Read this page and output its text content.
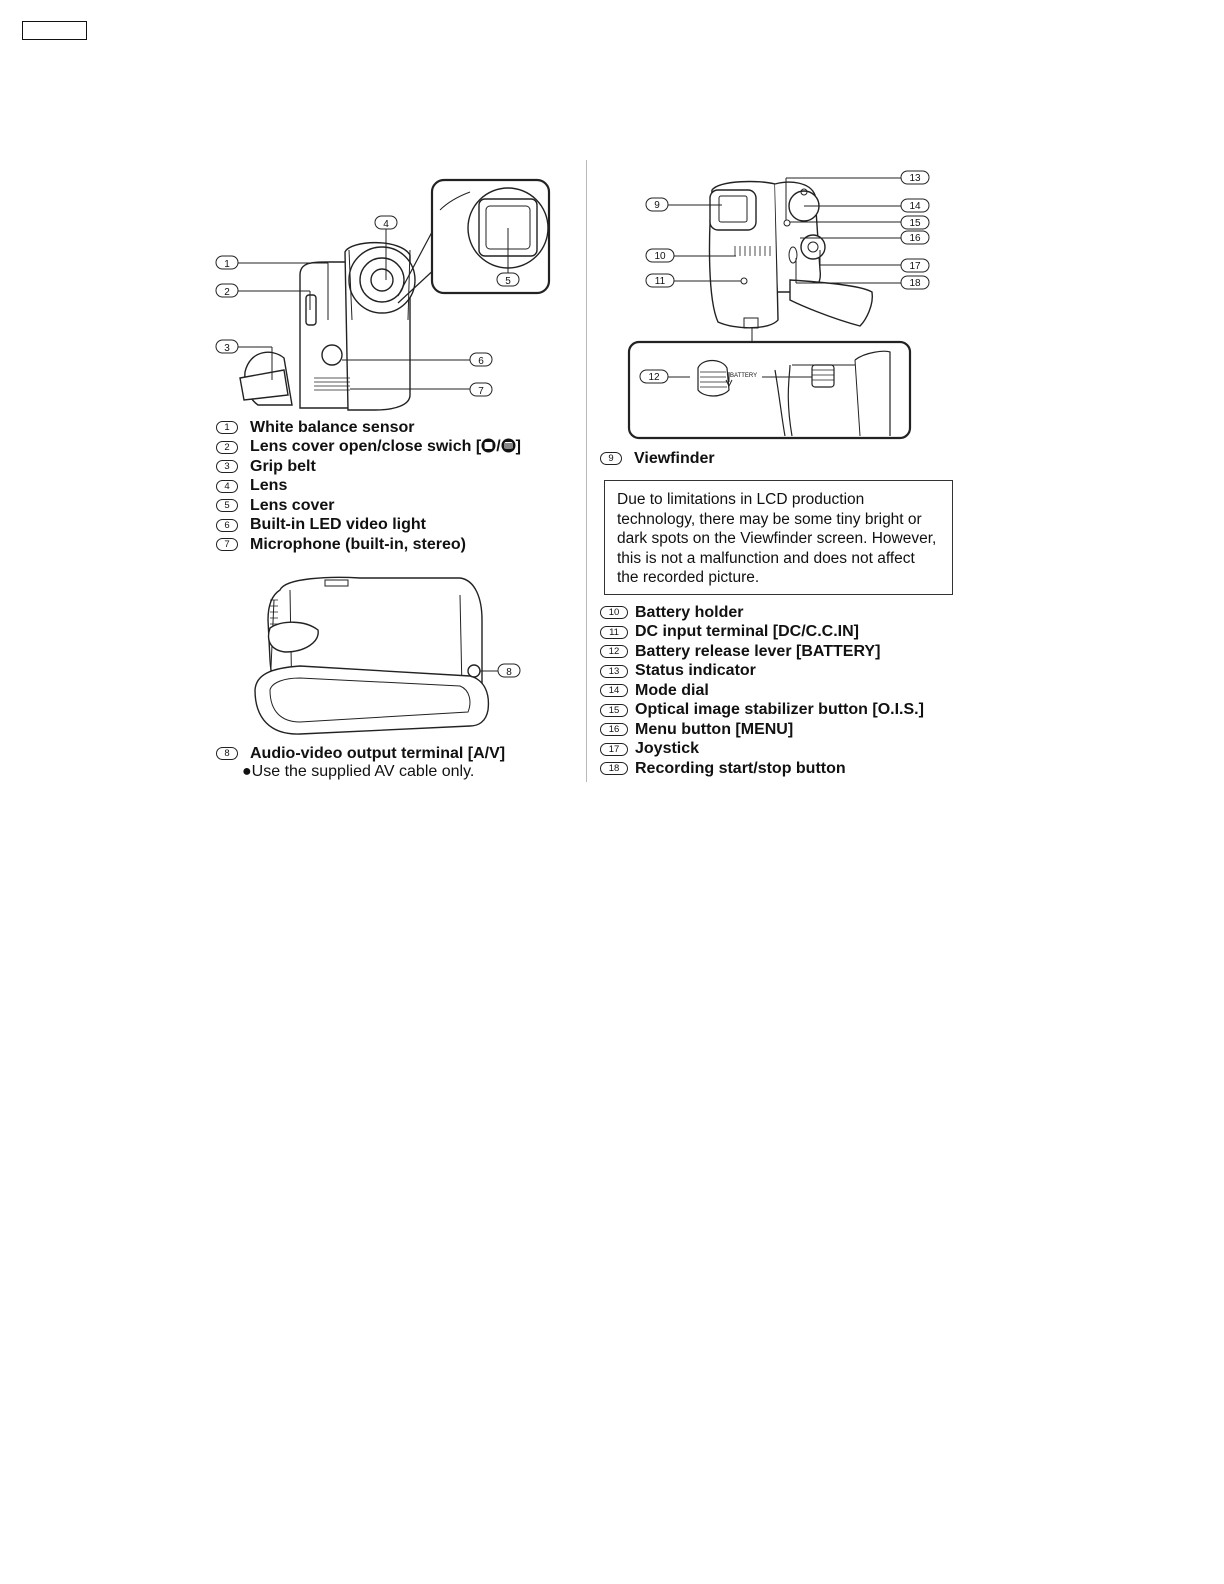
1
2
3
4
5
6
7
8
9
10
11
12
13
14
15
16
17
18
BATTERY
1	White balance sensor
2	Lens cover open/close swich [ / ]
3	Grip belt
4	Lens
5	Lens cover
6	Built-in LED video light
7	Microphone (built-in, stereo)
8	Audio-video output terminal [A/V]
●Use the supplied AV cable only.
9	Viewfinder
Due to limitations in LCD production technology, there may be some tiny bright or dark spots on the Viewfinder screen. However, this is not a malfunction and does not affect the recorded picture.
10 Battery holder
11	DC input terminal [DC/C.C.IN]
12 Battery release lever [BATTERY]
13 Status indicator
14 Mode dial
15 Optical image stabilizer button [O.I.S.]
16 Menu button [MENU]
17 Joystick
18 Recording start/stop button
